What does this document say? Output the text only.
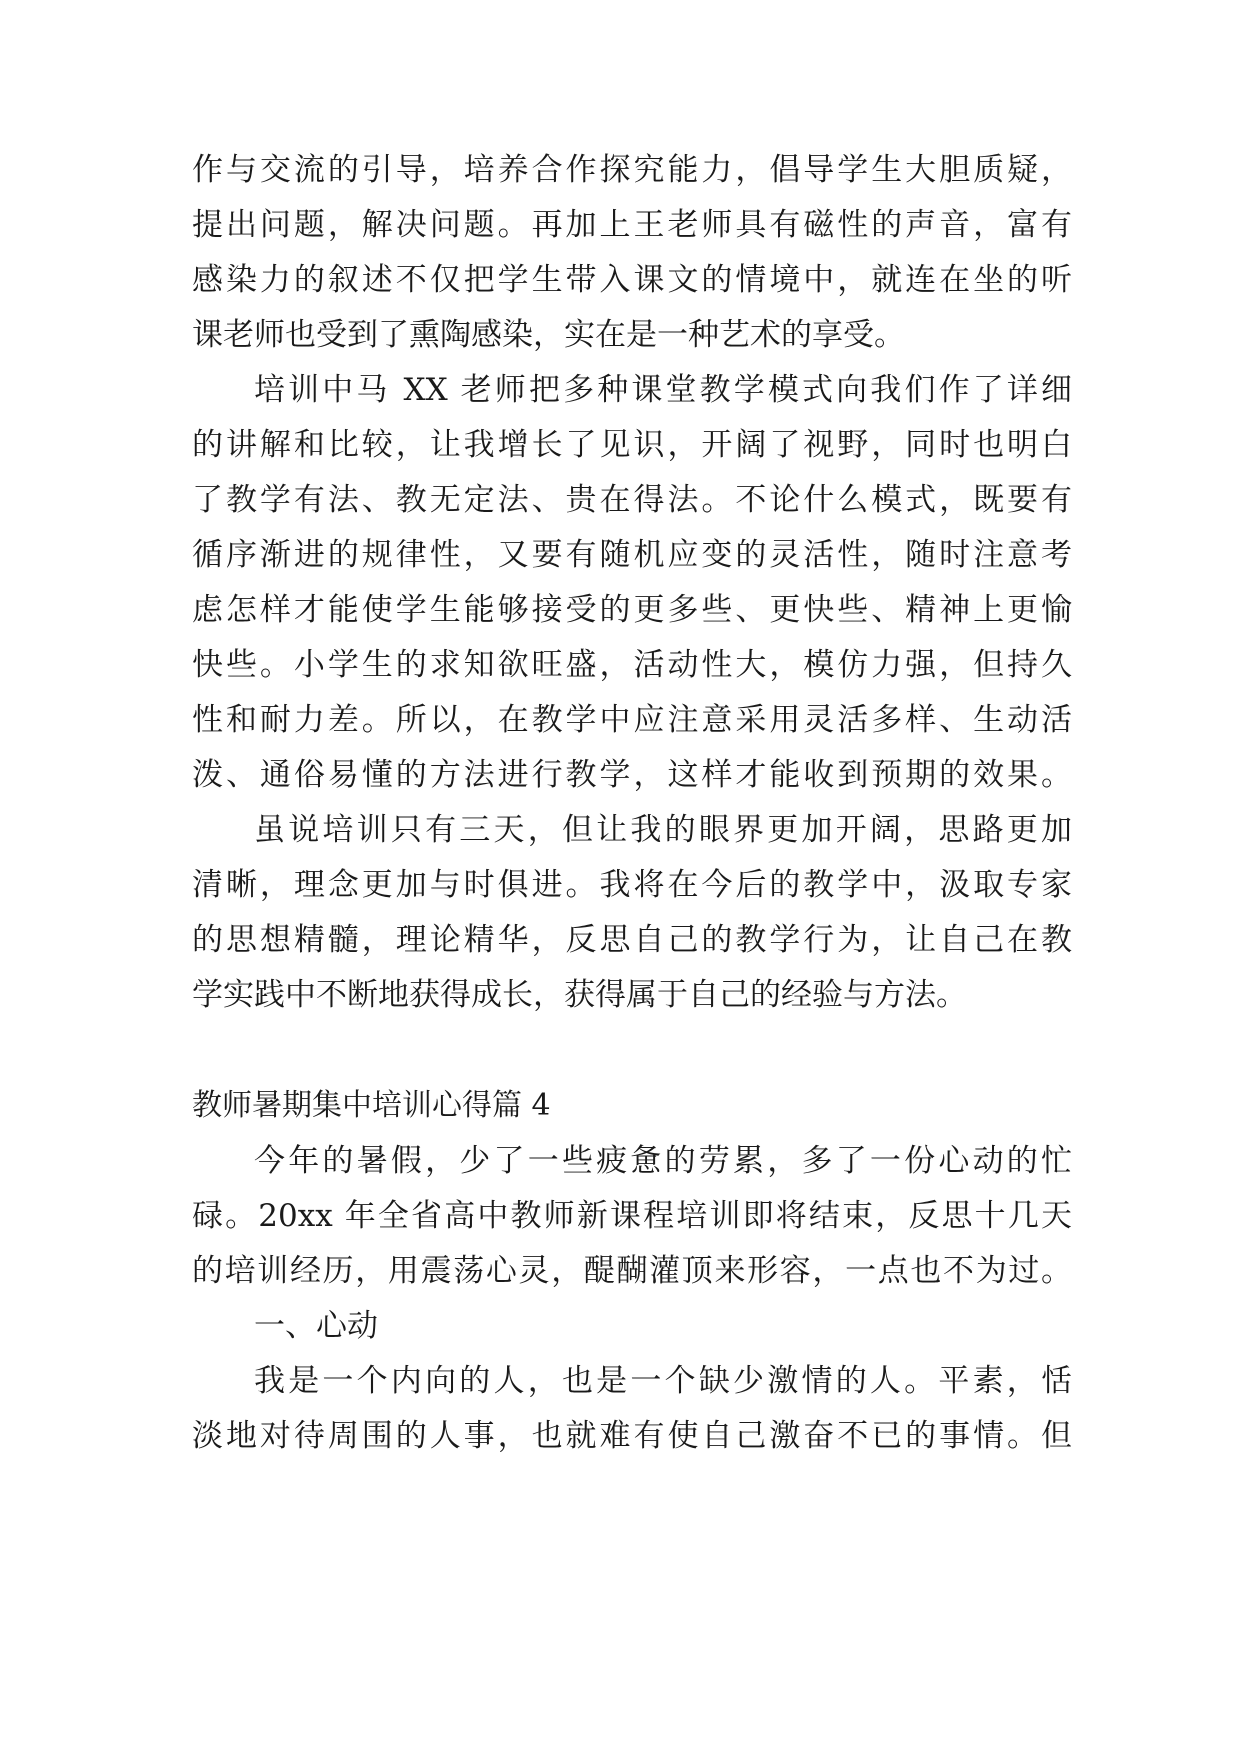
作与交流的引导，培养合作探究能力，倡导学生大胆质疑，
提出问题，解决问题。再加上王老师具有磁性的声音，富有
感染力的叙述不仅把学生带入课文的情境中，就连在坐的听
课老师也受到了熏陶感染，实在是一种艺术的享受。
培训中马 XX 老师把多种课堂教学模式向我们作了详细
的讲解和比较，让我增长了见识，开阔了视野，同时也明白
了教学有法、教无定法、贵在得法。不论什么模式，既要有
循序渐进的规律性，又要有随机应变的灵活性，随时注意考
虑怎样才能使学生能够接受的更多些、更快些、精神上更愉
快些。小学生的求知欲旺盛，活动性大，模仿力强，但持久
性和耐力差。所以，在教学中应注意采用灵活多样、生动活
泼、通俗易懂的方法进行教学，这样才能收到预期的效果。
虽说培训只有三天，但让我的眼界更加开阔，思路更加
清晰，理念更加与时俱进。我将在今后的教学中，汲取专家
的思想精髓，理论精华，反思自己的教学行为，让自己在教
学实践中不断地获得成长，获得属于自己的经验与方法。
教师暑期集中培训心得篇 4
今年的暑假，少了一些疲惫的劳累，多了一份心动的忙
碌。20xx 年全省高中教师新课程培训即将结束，反思十几天
的培训经历，用震荡心灵，醍醐灌顶来形容，一点也不为过。
一、心动
我是一个内向的人，也是一个缺少激情的人。平素，恬
淡地对待周围的人事，也就难有使自己激奋不已的事情。但
